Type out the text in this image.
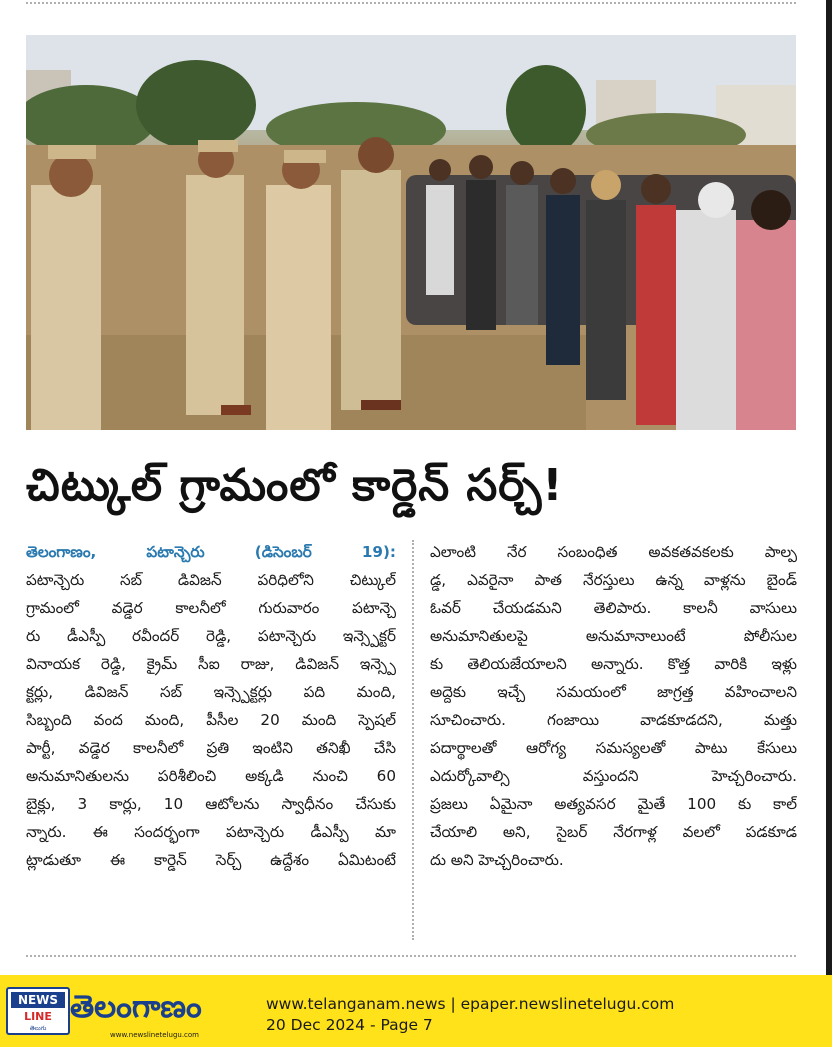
చిట్కుల్ గ్రామంలో కార్డెన్ సర్చ్!
తెలంగాణం, పటాన్చెరు (డిసెంబర్ 19):
పటాన్చెరు సబ్ డివిజన్ పరిధిలోని చిట్కుల్
గ్రామంలో వడ్డెర కాలనీలో గురువారం పటాన్చె
రు డీఎస్పీ రవీందర్ రెడ్డి, పటాన్చెరు ఇన్స్పెక్టర్
వినాయక రెడ్డి, క్రైమ్ సీఐ రాజు, డివిజన్ ఇన్స్పె
క్టర్లు, డివిజన్ సబ్ ఇన్స్పెక్టర్లు పది మంది,
సిబ్బంది వంద మంది, పీసీల 20 మంది స్పెషల్
పార్టీ, వడ్డెర కాలనీలో ప్రతి ఇంటిని తనిఖీ చేసి
అనుమానితులను పరిశీలించి అక్కడి నుంచి 60
బైక్లు, 3 కార్లు, 10 ఆటోలను స్వాధీనం చేసుకు
న్నారు. ఈ సందర్భంగా పటాన్చెరు డీఎస్పీ మా
ట్లాడుతూ ఈ కార్డెన్ సెర్చ్ ఉద్దేశం ఏమిటంటే
ఎలాంటి నేర సంబంధిత అవకతవకలకు పాల్ప
డ్డ, ఎవరైనా పాత నేరస్తులు ఉన్న వాళ్లను బైండ్
ఓవర్ చేయడమని తెలిపారు. కాలనీ వాసులు
అనుమానితులపై అనుమానాలుంటే పోలీసుల
కు తెలియజేయాలని అన్నారు. కొత్త వారికి ఇళ్లు
అద్దెకు ఇచ్చే సమయంలో జాగ్రత్త వహించాలని
సూచించారు. గంజాయి వాడకూడదని, మత్తు
పదార్థాలతో ఆరోగ్య సమస్యలతో పాటు కేసులు
ఎదుర్కోవాల్సి వస్తుందని హెచ్చరించారు.
ప్రజలు ఏమైనా అత్యవసర మైతే 100 కు కాల్
చేయాలి అని, సైబర్ నేరగాళ్ల వలలో పడకూడ
దు అని హెచ్చరించారు.
NEWS
LINE
తెలుగు
తెలంగాణం
www.newslinetelugu.com
www.telanganam.news | epaper.newslinetelugu.com
20 Dec 2024 - Page 7
